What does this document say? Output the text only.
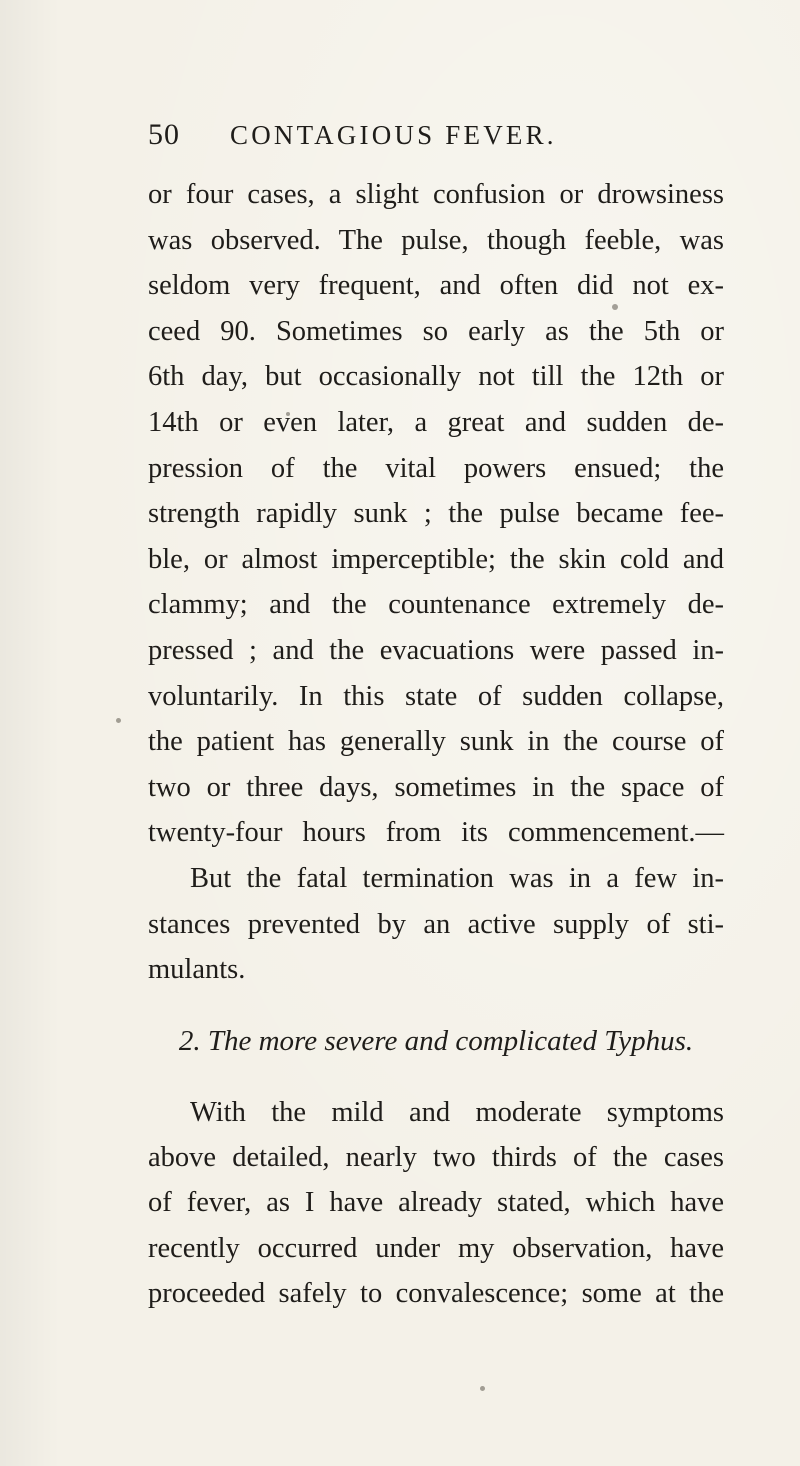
50 CONTAGIOUS FEVER.
or four cases, a slight confusion or drowsiness
was observed. The pulse, though feeble, was
seldom very frequent, and often did not ex-
ceed 90. Sometimes so early as the 5th or
6th day, but occasionally not till the 12th or
14th or even later, a great and sudden de-
pression of the vital powers ensued; the
strength rapidly sunk ; the pulse became fee-
ble, or almost imperceptible; the skin cold and
clammy; and the countenance extremely de-
pressed ; and the evacuations were passed in-
voluntarily. In this state of sudden collapse,
the patient has generally sunk in the course of
two or three days, sometimes in the space of
twenty-four hours from its commencement.—
But the fatal termination was in a few in-
stances prevented by an active supply of sti-
mulants.
2. The more severe and complicated Typhus.
With the mild and moderate symptoms
above detailed, nearly two thirds of the cases
of fever, as I have already stated, which have
recently occurred under my observation, have
proceeded safely to convalescence; some at the
